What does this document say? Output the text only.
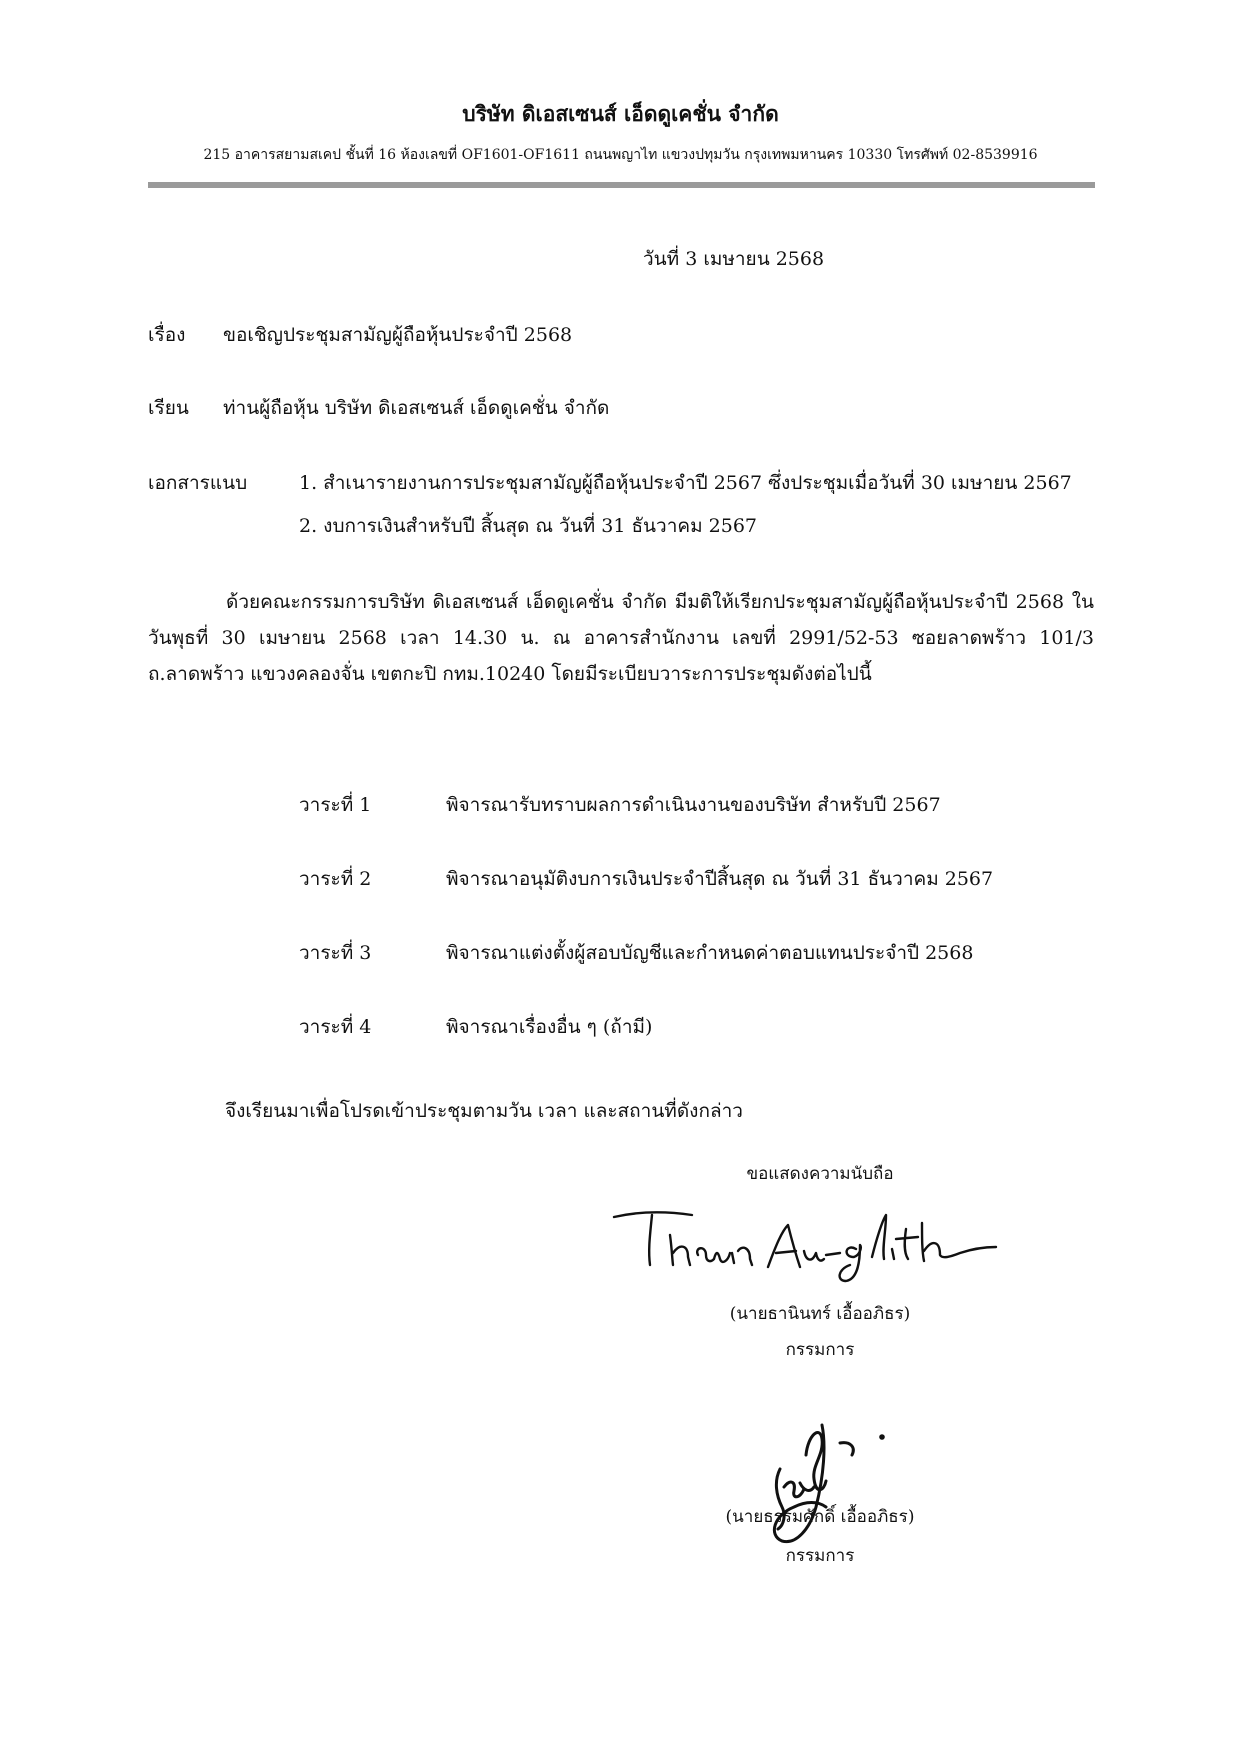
บริษัท ดิเอสเซนส์ เอ็ดดูเคชั่น จำกัด
215 อาคารสยามสเคป ชั้นที่ 16 ห้องเลขที่ OF1601-OF1611 ถนนพญาไท แขวงปทุมวัน กรุงเทพมหานคร 10330 โทรศัพท์ 02-8539916
วันที่ 3 เมษายน 2568
เรื่อง ขอเชิญประชุมสามัญผู้ถือหุ้นประจำปี 2568
เรียน ท่านผู้ถือหุ้น บริษัท ดิเอสเซนส์ เอ็ดดูเคชั่น จำกัด
เอกสารแนบ	1. สำเนารายงานการประชุมสามัญผู้ถือหุ้นประจำปี 2567 ซึ่งประชุมเมื่อวันที่ 30 เมษายน 2567
2. งบการเงินสำหรับปี สิ้นสุด ณ วันที่ 31 ธันวาคม 2567

ด้วยคณะกรรมการบริษัท ดิเอสเซนส์ เอ็ดดูเคชั่น จำกัด มีมติให้เรียกประชุมสามัญผู้ถือหุ้นประจำปี 2568 ในวันพุธที่ 30 เมษายน 2568 เวลา 14.30 น. ณ อาคารสำนักงาน เลขที่ 2991/52-53 ซอยลาดพร้าว 101/3 ถ.ลาดพร้าว แขวงคลองจั่น เขตกะปิ กทม.10240 โดยมีระเบียบวาระการประชุมดังต่อไปนี้

วาระที่ 1	พิจารณารับทราบผลการดำเนินงานของบริษัท สำหรับปี 2567
วาระที่ 2	พิจารณาอนุมัติงบการเงินประจำปีสิ้นสุด ณ วันที่ 31 ธันวาคม 2567
วาระที่ 3	พิจารณาแต่งตั้งผู้สอบบัญชีและกำหนดค่าตอบแทนประจำปี 2568
วาระที่ 4	พิจารณาเรื่องอื่น ๆ (ถ้ามี)
จึงเรียนมาเพื่อโปรดเข้าประชุมตามวัน เวลา และสถานที่ดังกล่าว
ขอแสดงความนับถือ
(นายธานินทร์ เอื้ออภิธร)
กรรมการ
(นายธรรมศักดิ์ เอื้ออภิธร)
กรรมการ
